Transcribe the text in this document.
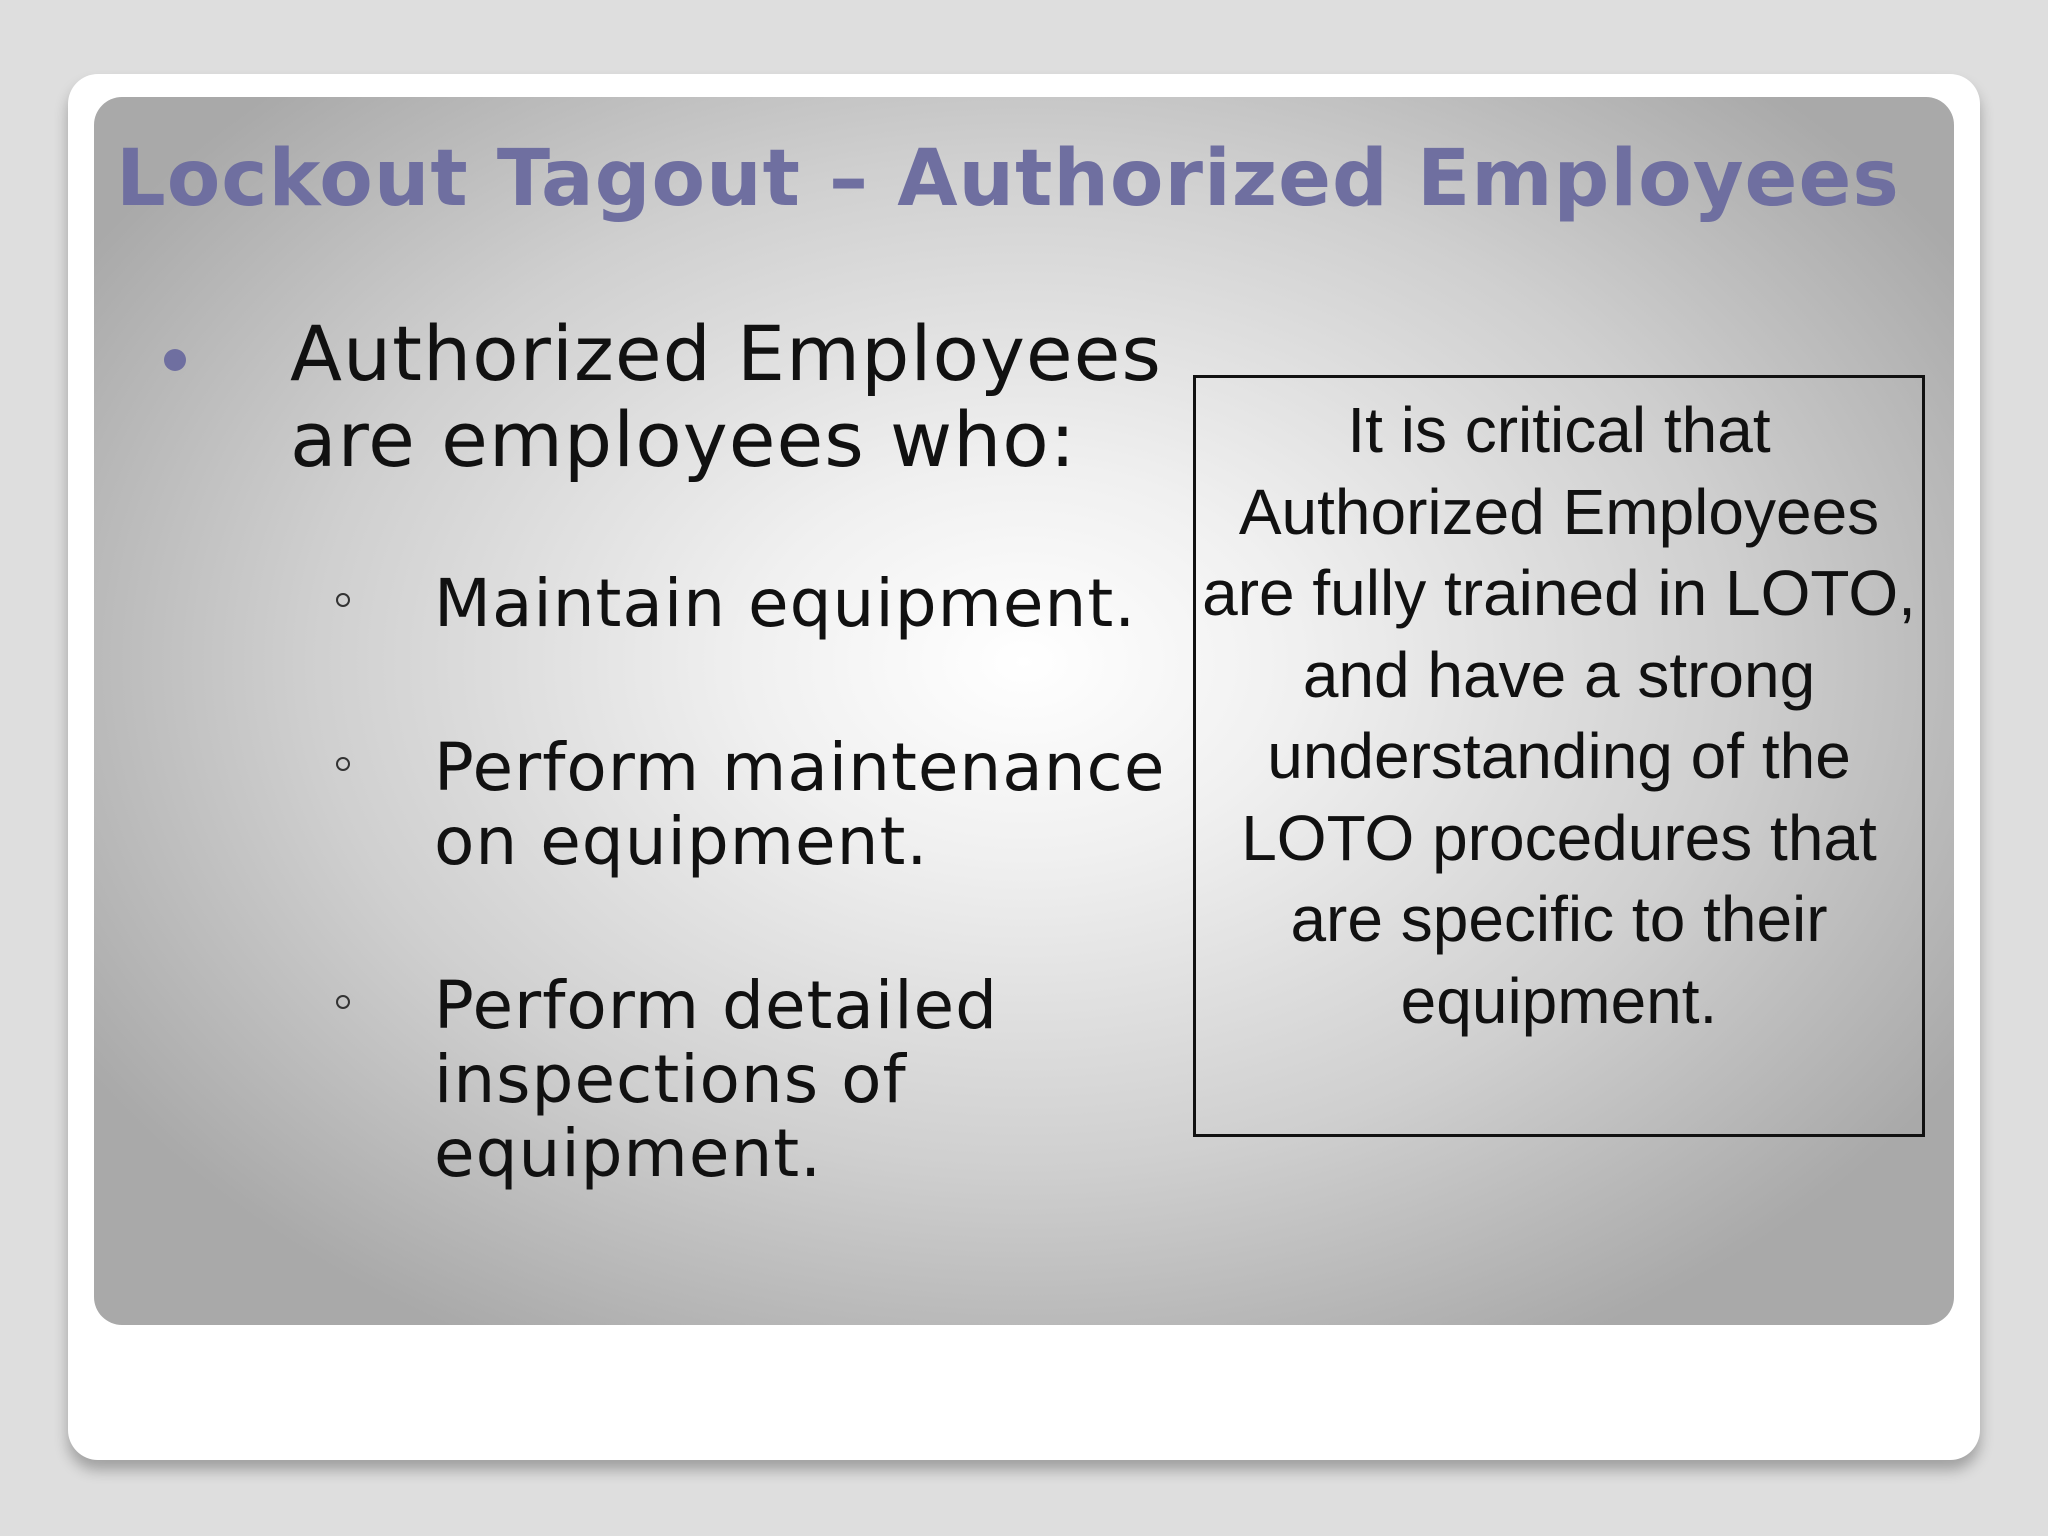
Lockout Tagout – Authorized Employees
Authorized Employees are employees who:
Maintain equipment.
Perform maintenance on equipment.
Perform detailed inspections of equipment.
It is critical that Authorized Employees are fully trained in LOTO, and have a strong understanding of the LOTO procedures that are specific to their equipment.
